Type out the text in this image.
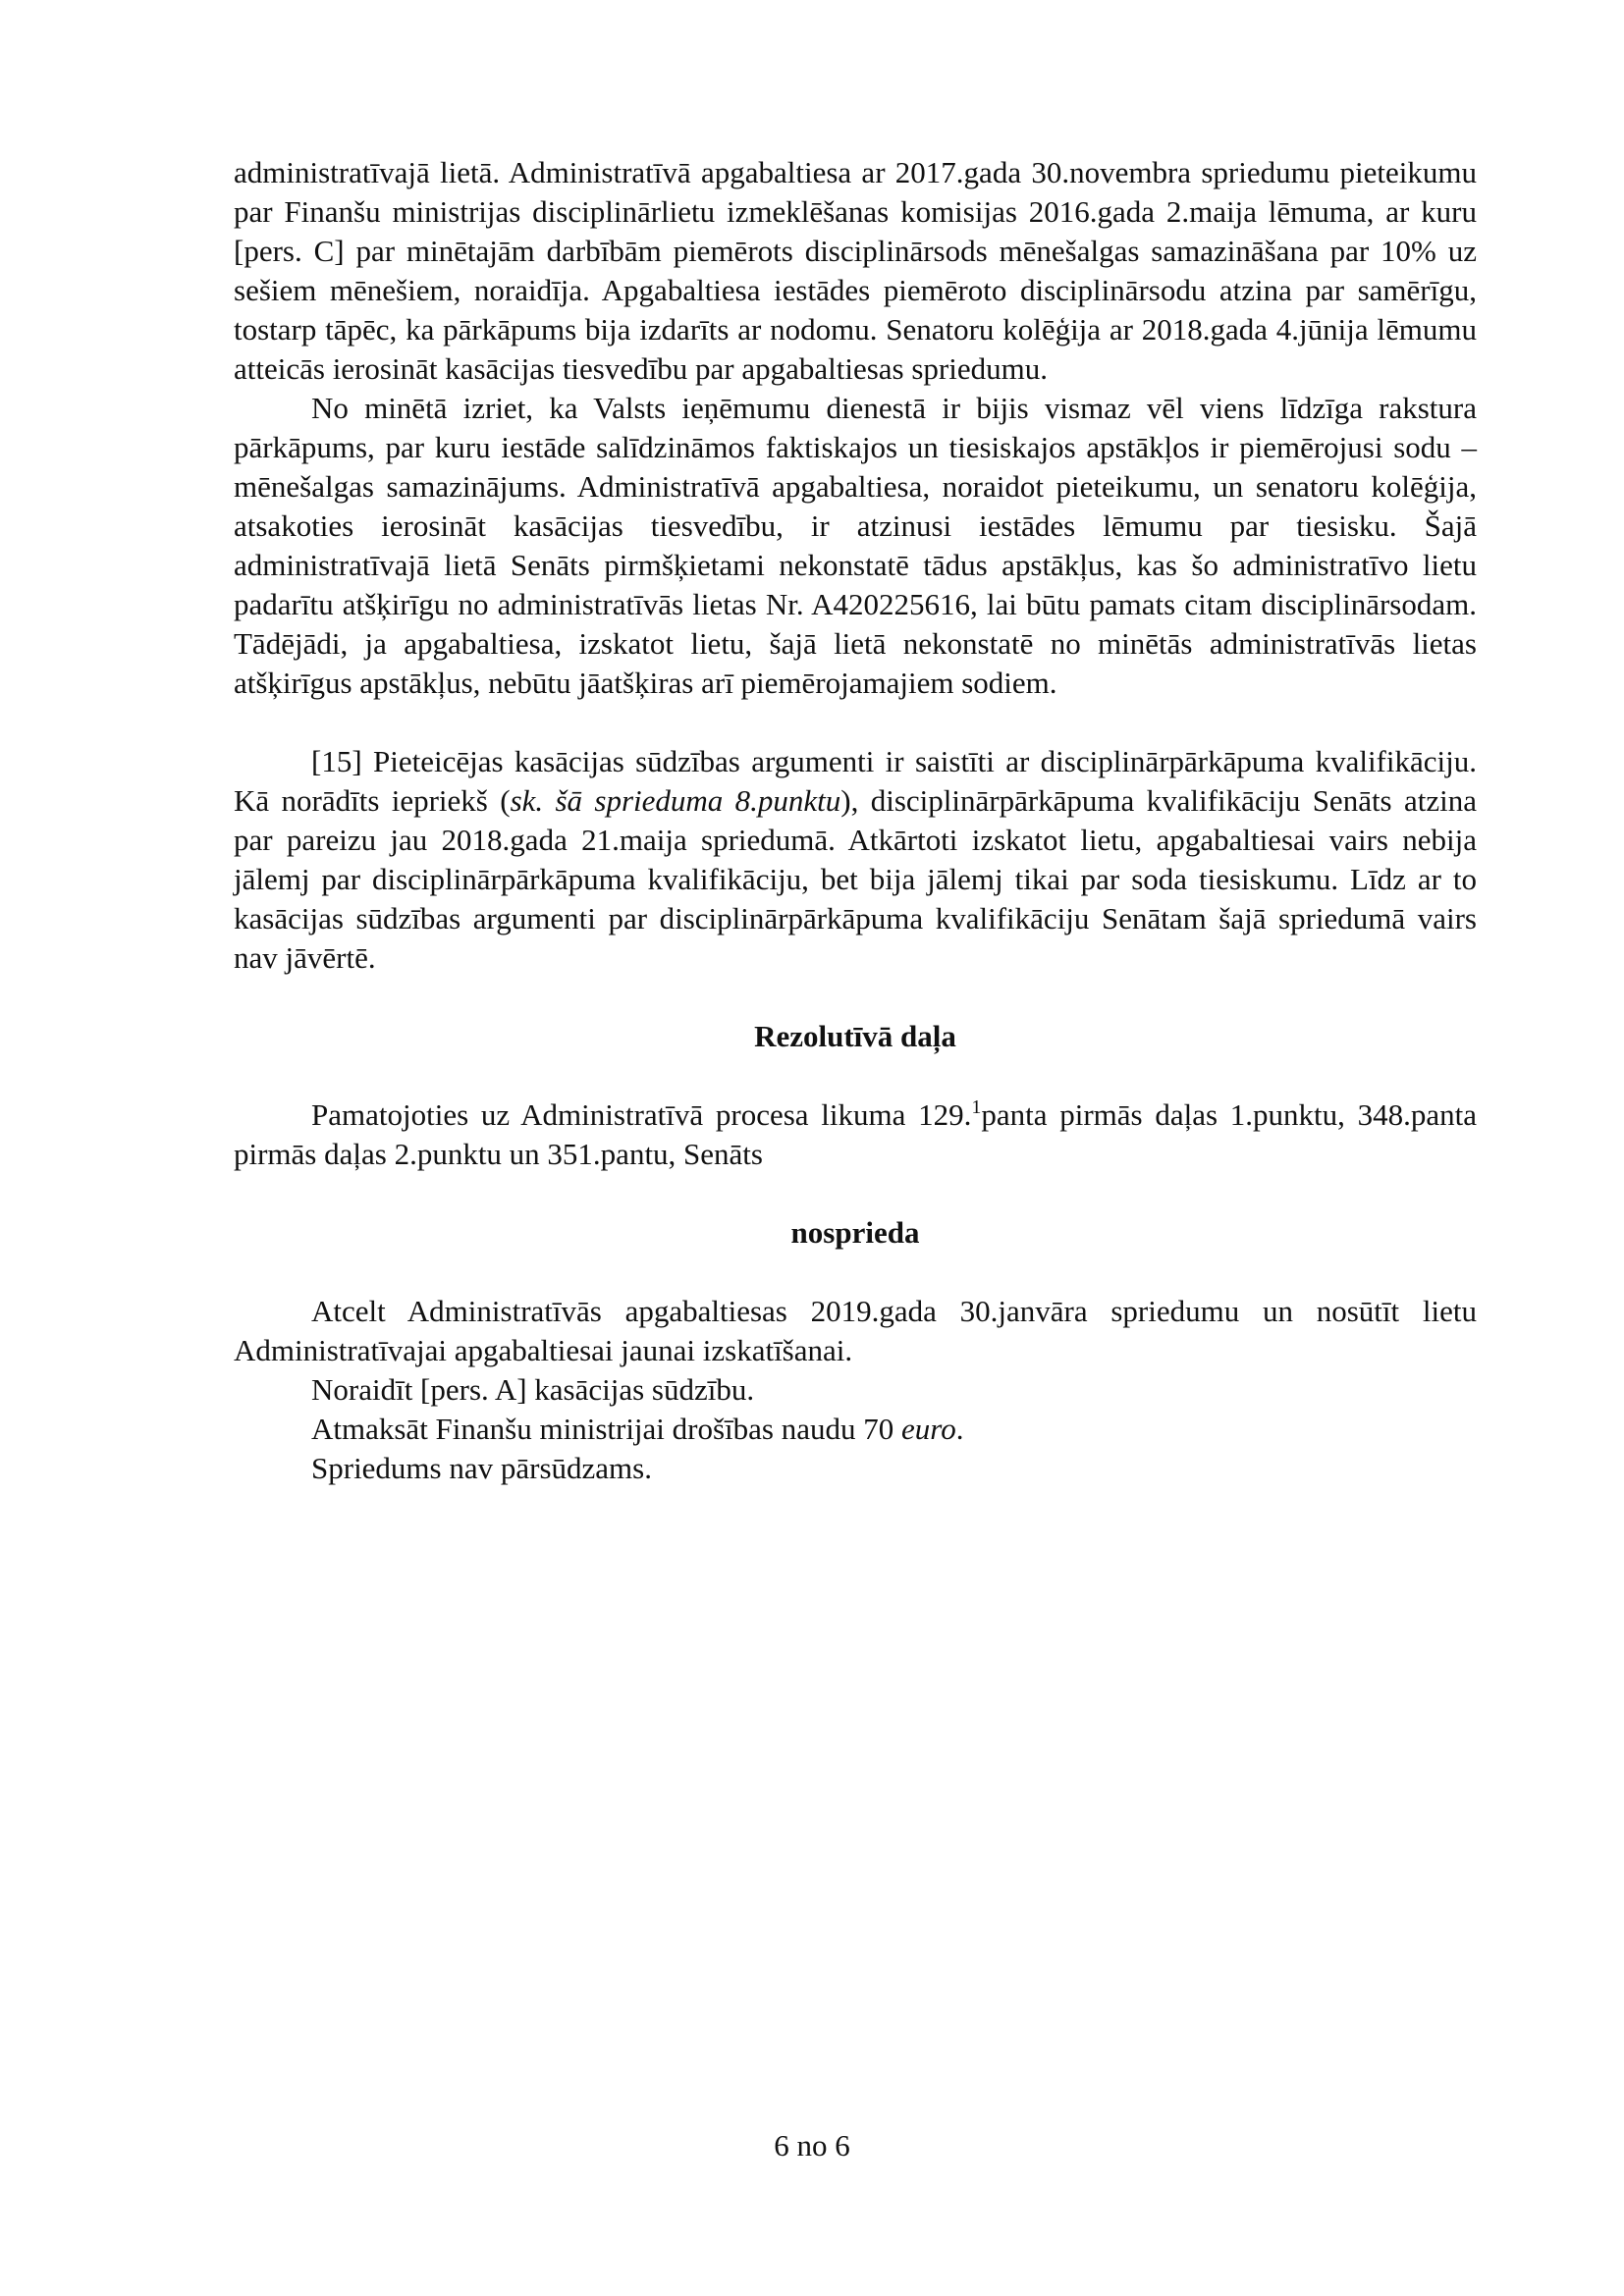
administratīvajā lietā. Administratīvā apgabaltiesa ar 2017.gada 30.novembra spriedumu pieteikumu par Finanšu ministrijas disciplinārlietu izmeklēšanas komisijas 2016.gada 2.maija lēmuma, ar kuru [pers. C] par minētajām darbībām piemērots disciplinārsods mēnešalgas samazināšana par 10% uz sešiem mēnešiem, noraidīja. Apgabaltiesa iestādes piemēroto disciplinārsodu atzina par samērīgu, tostarp tāpēc, ka pārkāpums bija izdarīts ar nodomu. Senatoru kolēģija ar 2018.gada 4.jūnija lēmumu atteicās ierosināt kasācijas tiesvedību par apgabaltiesas spriedumu.

No minētā izriet, ka Valsts ieņēmumu dienestā ir bijis vismaz vēl viens līdzīga rakstura pārkāpums, par kuru iestāde salīdzināmos faktiskajos un tiesiskajos apstākļos ir piemērojusi sodu – mēnešalgas samazinājums. Administratīvā apgabaltiesa, noraidot pieteikumu, un senatoru kolēģija, atsakoties ierosināt kasācijas tiesvedību, ir atzinusi iestādes lēmumu par tiesisku. Šajā administratīvajā lietā Senāts pirmšķietami nekonstatē tādus apstākļus, kas šo administratīvo lietu padarītu atšķirīgu no administratīvās lietas Nr. A420225616, lai būtu pamats citam disciplinārsodam. Tādējādi, ja apgabaltiesa, izskatot lietu, šajā lietā nekonstatē no minētās administratīvās lietas atšķirīgus apstākļus, nebūtu jāatšķiras arī piemērojamajiem sodiem.

[15] Pieteicējas kasācijas sūdzības argumenti ir saistīti ar disciplinārpārkāpuma kvalifikāciju. Kā norādīts iepriekš (sk. šā sprieduma 8.punktu), disciplinārpārkāpuma kvalifikāciju Senāts atzina par pareizu jau 2018.gada 21.maija spriedumā. Atkārtoti izskatot lietu, apgabaltiesai vairs nebija jālemj par disciplinārpārkāpuma kvalifikāciju, bet bija jālemj tikai par soda tiesiskumu. Līdz ar to kasācijas sūdzības argumenti par disciplinārpārkāpuma kvalifikāciju Senātam šajā spriedumā vairs nav jāvērtē.

Rezolutīvā daļa

Pamatojoties uz Administratīvā procesa likuma 129.$^1$panta pirmās daļas 1.punktu, 348.panta pirmās daļas 2.punktu un 351.pantu, Senāts

nosprieda

Atcelt Administratīvās apgabaltiesas 2019.gada 30.janvāra spriedumu un nosūtīt lietu Administratīvajai apgabaltiesai jaunai izskatīšanai.

Noraidīt [pers. A] kasācijas sūdzību.

Atmaksāt Finanšu ministrijai drošības naudu 70 euro.

Spriedums nav pārsūdzams.

6 no 6
